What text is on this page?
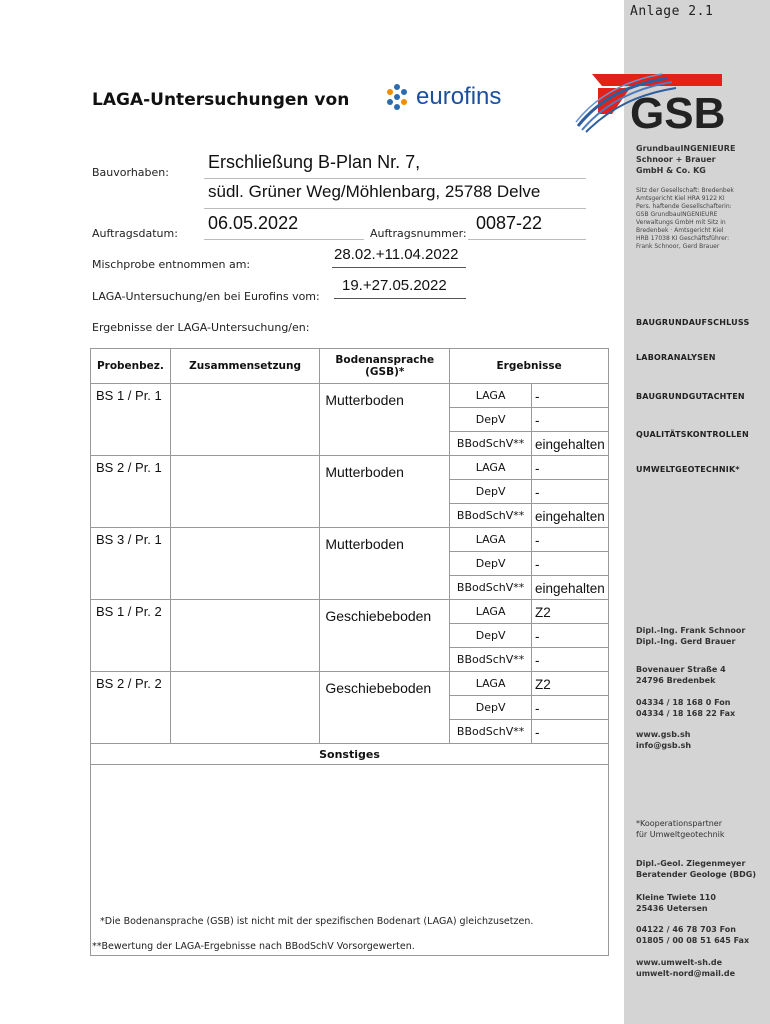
Anlage 2.1
GSB
LAGA-Untersuchungen von	eurofins
Bauvorhaben:
Erschließung B-Plan Nr. 7,
südl. Grüner Weg/Möhlenbarg, 25788 Delve
Auftragsdatum:
06.05.2022
Auftragsnummer:
0087-22
Mischprobe entnommen am:
28.02.+11.04.2022
LAGA-Untersuchung/en bei Eurofins vom:
19.+27.05.2022
Ergebnisse der LAGA-Untersuchung/en:
Probenbez.	Zusammensetzung	Bodenansprache (GSB)*	Ergebnisse	
BS 1 / Pr. 1		Mutterboden	LAGA	-
			DepV	-
			BBodSchV**	eingehalten
BS 2 / Pr. 1		Mutterboden	LAGA	-
			DepV	-
			BBodSchV**	eingehalten
BS 3 / Pr. 1		Mutterboden	LAGA	-
			DepV	-
			BBodSchV**	eingehalten
BS 1 / Pr. 2		Geschiebeboden	LAGA	Z2
			DepV	-
			BBodSchV**	-
BS 2 / Pr. 2		Geschiebeboden	LAGA	Z2
			DepV	-
			BBodSchV**	-
Sonstiges				

*Die Bodenansprache (GSB) ist nicht mit der spezifischen Bodenart (LAGA) gleichzusetzen.
**Bewertung der LAGA-Ergebnisse nach BBodSchV Vorsorgewerten.
GrundbauINGENIEURE
Schnoor + Brauer
GmbH & Co. KG
Sitz der Gesellschaft: Bredenbek
Amtsgericht Kiel HRA 9122 KI
Pers. haftende Gesellschafterin:
GSB GrundbauINGENIEURE
Verwaltungs GmbH mit Sitz in
Bredenbek · Amtsgericht Kiel
HRB 17038 KI Geschäftsführer:
Frank Schnoor, Gerd Brauer
BAUGRUNDAUFSCHLUSS
LABORANALYSEN
BAUGRUNDGUTACHTEN
QUALITÄTSKONTROLLEN
UMWELTGEOTECHNIK*
Dipl.-Ing. Frank Schnoor
Dipl.-Ing. Gerd Brauer
Bovenauer Straße 4
24796 Bredenbek
04334 / 18 168 0 Fon
04334 / 18 168 22 Fax
www.gsb.sh
info@gsb.sh
*Kooperationspartner
für Umweltgeotechnik
Dipl.-Geol. Ziegenmeyer
Beratender Geologe (BDG)
Kleine Twiete 110
25436 Uetersen
04122 / 46 78 703 Fon
01805 / 00 08 51 645 Fax
www.umwelt-sh.de
umwelt-nord@mail.de
